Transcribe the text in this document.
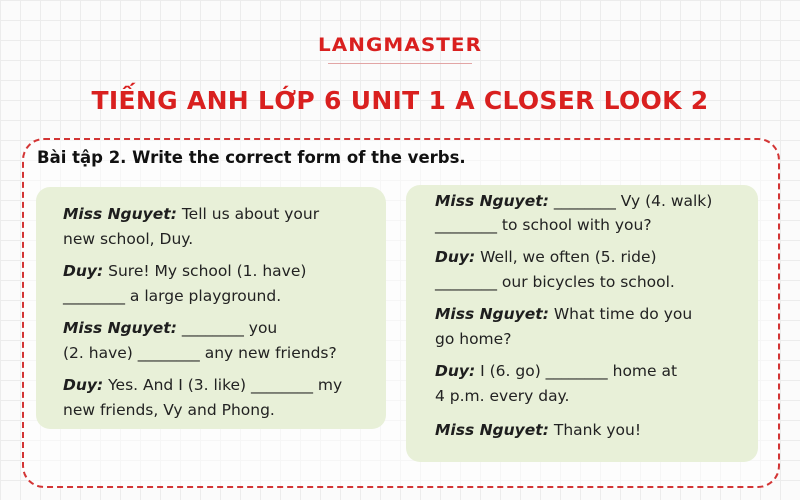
LANGMASTER
TIẾNG ANH LỚP 6 UNIT 1 A CLOSER LOOK 2
Bài tập 2. Write the correct form of the verbs.
Miss Nguyet: Tell us about your
new school, Duy.
Duy: Sure! My school (1. have)
________ a large playground.
Miss Nguyet: ________ you
(2. have) ________ any new friends?
Duy: Yes. And I (3. like) ________ my
new friends, Vy and Phong.
Miss Nguyet: ________ Vy (4. walk)
________ to school with you?
Duy: Well, we often (5. ride)
________ our bicycles to school.
Miss Nguyet: What time do you
go home?
Duy: I (6. go) ________ home at
4 p.m. every day.
Miss Nguyet: Thank you!
